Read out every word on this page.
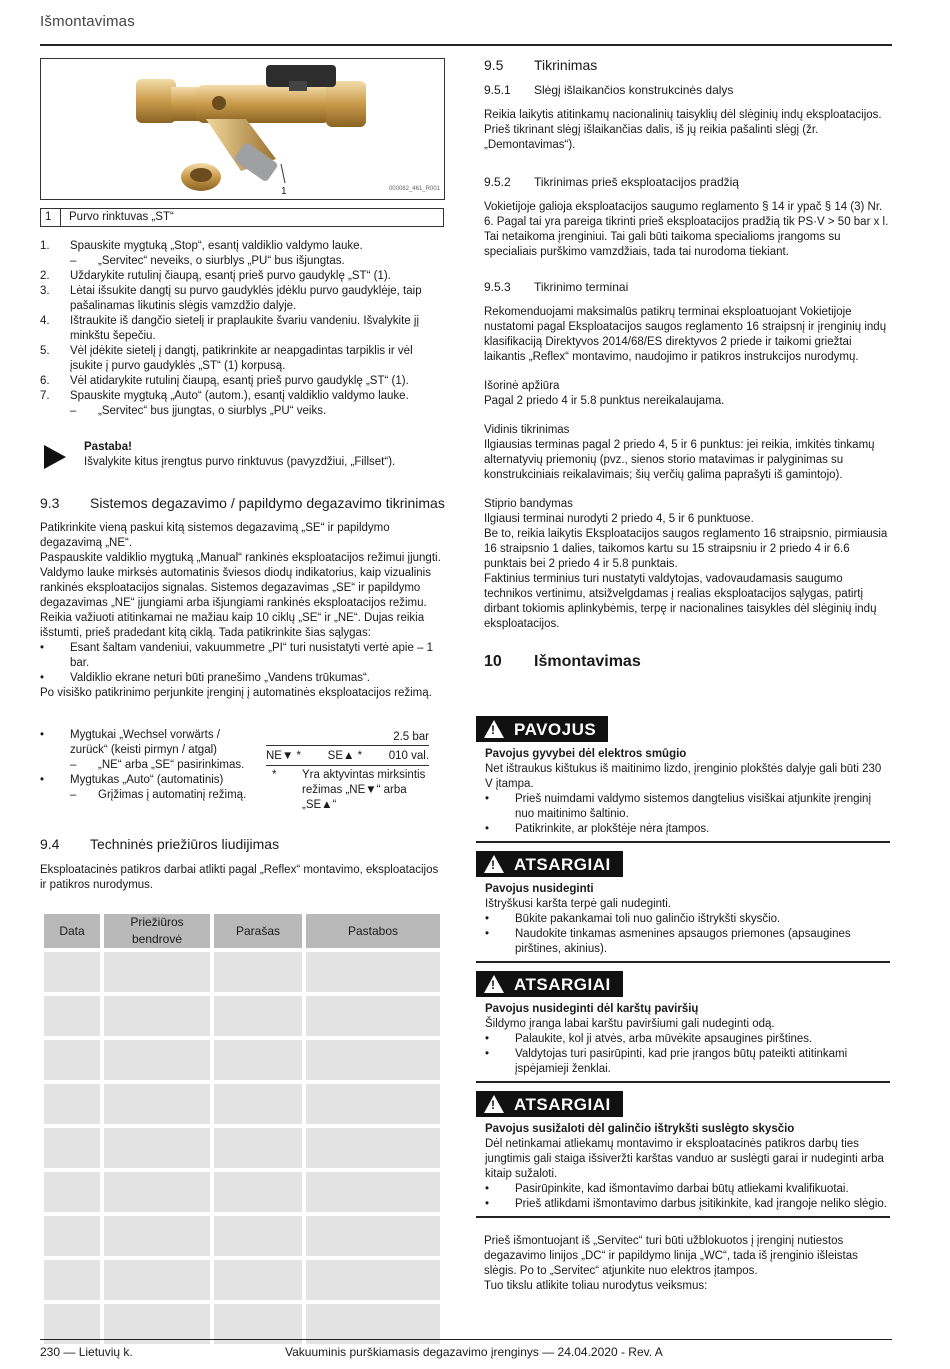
Išmontavimas
1	000082_461_R001
1	Purvo rinktuvas „ST“
1.	Spauskite mygtuką „Stop“, esantį valdiklio valdymo lauke.
–	„Servitec“ neveiks, o siurblys „PU“ bus išjungtas.
2.	Uždarykite rutulinį čiaupą, esantį prieš purvo gaudyklę „ST“ (1).
3.	Lėtai išsukite dangtį su purvo gaudyklės įdėklu purvo gaudyklėje, taip pašalinamas likutinis slėgis vamzdžio dalyje.
4.	Ištraukite iš dangčio sietelį ir praplaukite švariu vandeniu. Išvalykite jį minkštu šepečiu.
5.	Vėl įdėkite sietelį į dangtį, patikrinkite ar neapgadintas tarpiklis ir vėl įsukite į purvo gaudyklės „ST“ (1) korpusą.
6.	Vėl atidarykite rutulinį čiaupą, esantį prieš purvo gaudyklę „ST“ (1).
7.	Spauskite mygtuką „Auto“ (autom.), esantį valdiklio valdymo lauke.
–	„Servitec“ bus įjungtas, o siurblys „PU“ veiks.
Pastaba!
Išvalykite kitus įrengtus purvo rinktuvus (pavyzdžiui, „Fillset“).
9.3 Sistemos degazavimo / papildymo degazavimo tikrinimas

Patikrinkite vieną paskui kitą sistemos degazavimą „SE“ ir papildymo degazavimą „NE“.

Paspauskite valdiklio mygtuką „Manual“ rankinės eksploatacijos režimui įjungti. Valdymo lauke mirksės automatinis šviesos diodų indikatorius, kaip vizualinis rankinės eksploatacijos signalas. Sistemos degazavimas „SE“ ir papildymo degazavimas „NE“ įjungiami arba išjungiami rankinės eksploatacijos režimu.

Reikia važiuoti atitinkamai ne mažiau kaip 10 ciklų „SE“ ir „NE“. Dujas reikia išstumti, prieš pradedant kitą ciklą. Tada patikrinkite šias sąlygas:

•	Esant šaltam vandeniui, vakuummetre „PI“ turi nusistatyti vertė apie – 1 bar.
•	Valdiklio ekrane neturi būti pranešimo „Vandens trūkumas“.

Po visiško patikrinimo perjunkite įrenginį į automatinės eksploatacijos režimą.

•	Mygtukai „Wechsel vorwärts / zurück“ (keisti pirmyn / atgal)
–	„NE“ arba „SE“ pasirinkimas.
•	Mygtukas „Auto“ (automatinis)
–	Grįžimas į automatinį režimą.
2.5 bar
NE▼ * SE▲ * 010 val.
*	Yra aktyvintas mirksintis režimas „NE▼“ arba „SE▲“
9.4 Techninės priežiūros liudijimas
Eksploatacinės patikros darbai atlikti pagal „Reflex“ montavimo, eksploatacijos ir patikros nurodymus.
Data	Priežiūros bendrovė	Parašas	Pastabos

9.5 Tikrinimas
9.5.1 Slėgį išlaikančios konstrukcinės dalys

Reikia laikytis atitinkamų nacionalinių taisyklių dėl slėginių indų eksploatacijos. Prieš tikrinant slėgį išlaikančias dalis, iš jų reikia pašalinti slėgį (žr. „Demontavimas“).

9.5.2 Tikrinimas prieš eksploatacijos pradžią

Vokietijoje galioja eksploatacijos saugumo reglamento § 14 ir ypač § 14 (3) Nr. 6. Pagal tai yra pareiga tikrinti prieš eksploatacijos pradžią tik PS·V > 50 bar x l. Tai netaikoma įrenginiui. Tai gali būti taikoma specialioms įrangoms su specialiais purškimo vamzdžiais, tada tai nurodoma tiekiant.

9.5.3 Tikrinimo terminai

Rekomenduojami maksimalūs patikrų terminai eksploatuojant Vokietijoje nustatomi pagal Eksploatacijos saugos reglamento 16 straipsnį ir įrenginių indų klasifikaciją Direktyvos 2014/68/ES direktyvos 2 priede ir taikomi griežtai laikantis „Reflex“ montavimo, naudojimo ir patikros instrukcijos nurodymų.

Išorinė apžiūra

Pagal 2 priedo 4 ir 5.8 punktus nereikalaujama.

Vidinis tikrinimas

Ilgiausias terminas pagal 2 priedo 4, 5 ir 6 punktus: jei reikia, imkitės tinkamų alternatyvių priemonių (pvz., sienos storio matavimas ir palyginimas su konstrukciniais reikalavimais; šių verčių galima paprašyti iš gamintojo).

Stiprio bandymas

Ilgiausi terminai nurodyti 2 priedo 4, 5 ir 6 punktuose.

Be to, reikia laikytis Eksploatacijos saugos reglamento 16 straipsnio, pirmiausia 16 straipsnio 1 dalies, taikomos kartu su 15 straipsniu ir 2 priedo 4 ir 6.6 punktais bei 2 priedo 4 ir 5.8 punktais.

Faktinius terminius turi nustatyti valdytojas, vadovaudamasis saugumo technikos vertinimu, atsižvelgdamas į realias eksploatacijos sąlygas, patirtį dirbant tokiomis aplinkybėmis, terpę ir nacionalines taisykles dėl slėginių indų eksploatacijos.

10 Išmontavimas
! PAVOJUS
Pavojus gyvybei dėl elektros smūgio

Net ištraukus kištukus iš maitinimo lizdo, įrenginio plokštės dalyje gali būti 230 V įtampa.

•	Prieš nuimdami valdymo sistemos dangtelius visiškai atjunkite įrenginį nuo maitinimo šaltinio.
•	Patikrinkite, ar plokštėje nėra įtampos.
! ATSARGIAI
Pavojus nusideginti

Ištryškusi karšta terpė gali nudeginti.

•	Būkite pakankamai toli nuo galinčio ištrykšti skysčio.
•	Naudokite tinkamas asmenines apsaugos priemones (apsaugines pirštines, akinius).
! ATSARGIAI
Pavojus nusideginti dėl karštų paviršių

Šildymo įranga labai karštu paviršiumi gali nudeginti odą.

•	Palaukite, kol ji atvės, arba mūvėkite apsaugines pirštines.
•	Valdytojas turi pasirūpinti, kad prie įrangos būtų pateikti atitinkami įspėjamieji ženklai.
! ATSARGIAI
Pavojus susižaloti dėl galinčio ištrykšti suslėgto skysčio

Dėl netinkamai atliekamų montavimo ir eksploatacinės patikros darbų ties jungtimis gali staiga išsiveržti karštas vanduo ar suslėgti garai ir nudeginti arba kitaip sužaloti.

•	Pasirūpinkite, kad išmontavimo darbai būtų atliekami kvalifikuotai.
•	Prieš atlikdami išmontavimo darbus įsitikinkite, kad įrangoje neliko slėgio.

Prieš išmontuojant iš „Servitec“ turi būti užblokuotos į įrenginį nutiestos degazavimo linijos „DC“ ir papildymo linija „WC“, tada iš įrenginio išleistas slėgis. Po to „Servitec“ atjunkite nuo elektros įtampos.

Tuo tikslu atlikite toliau nurodytus veiksmus:

230 — Lietuvių k.	Vakuuminis purškiamasis degazavimo įrenginys — 24.04.2020 - Rev. A
